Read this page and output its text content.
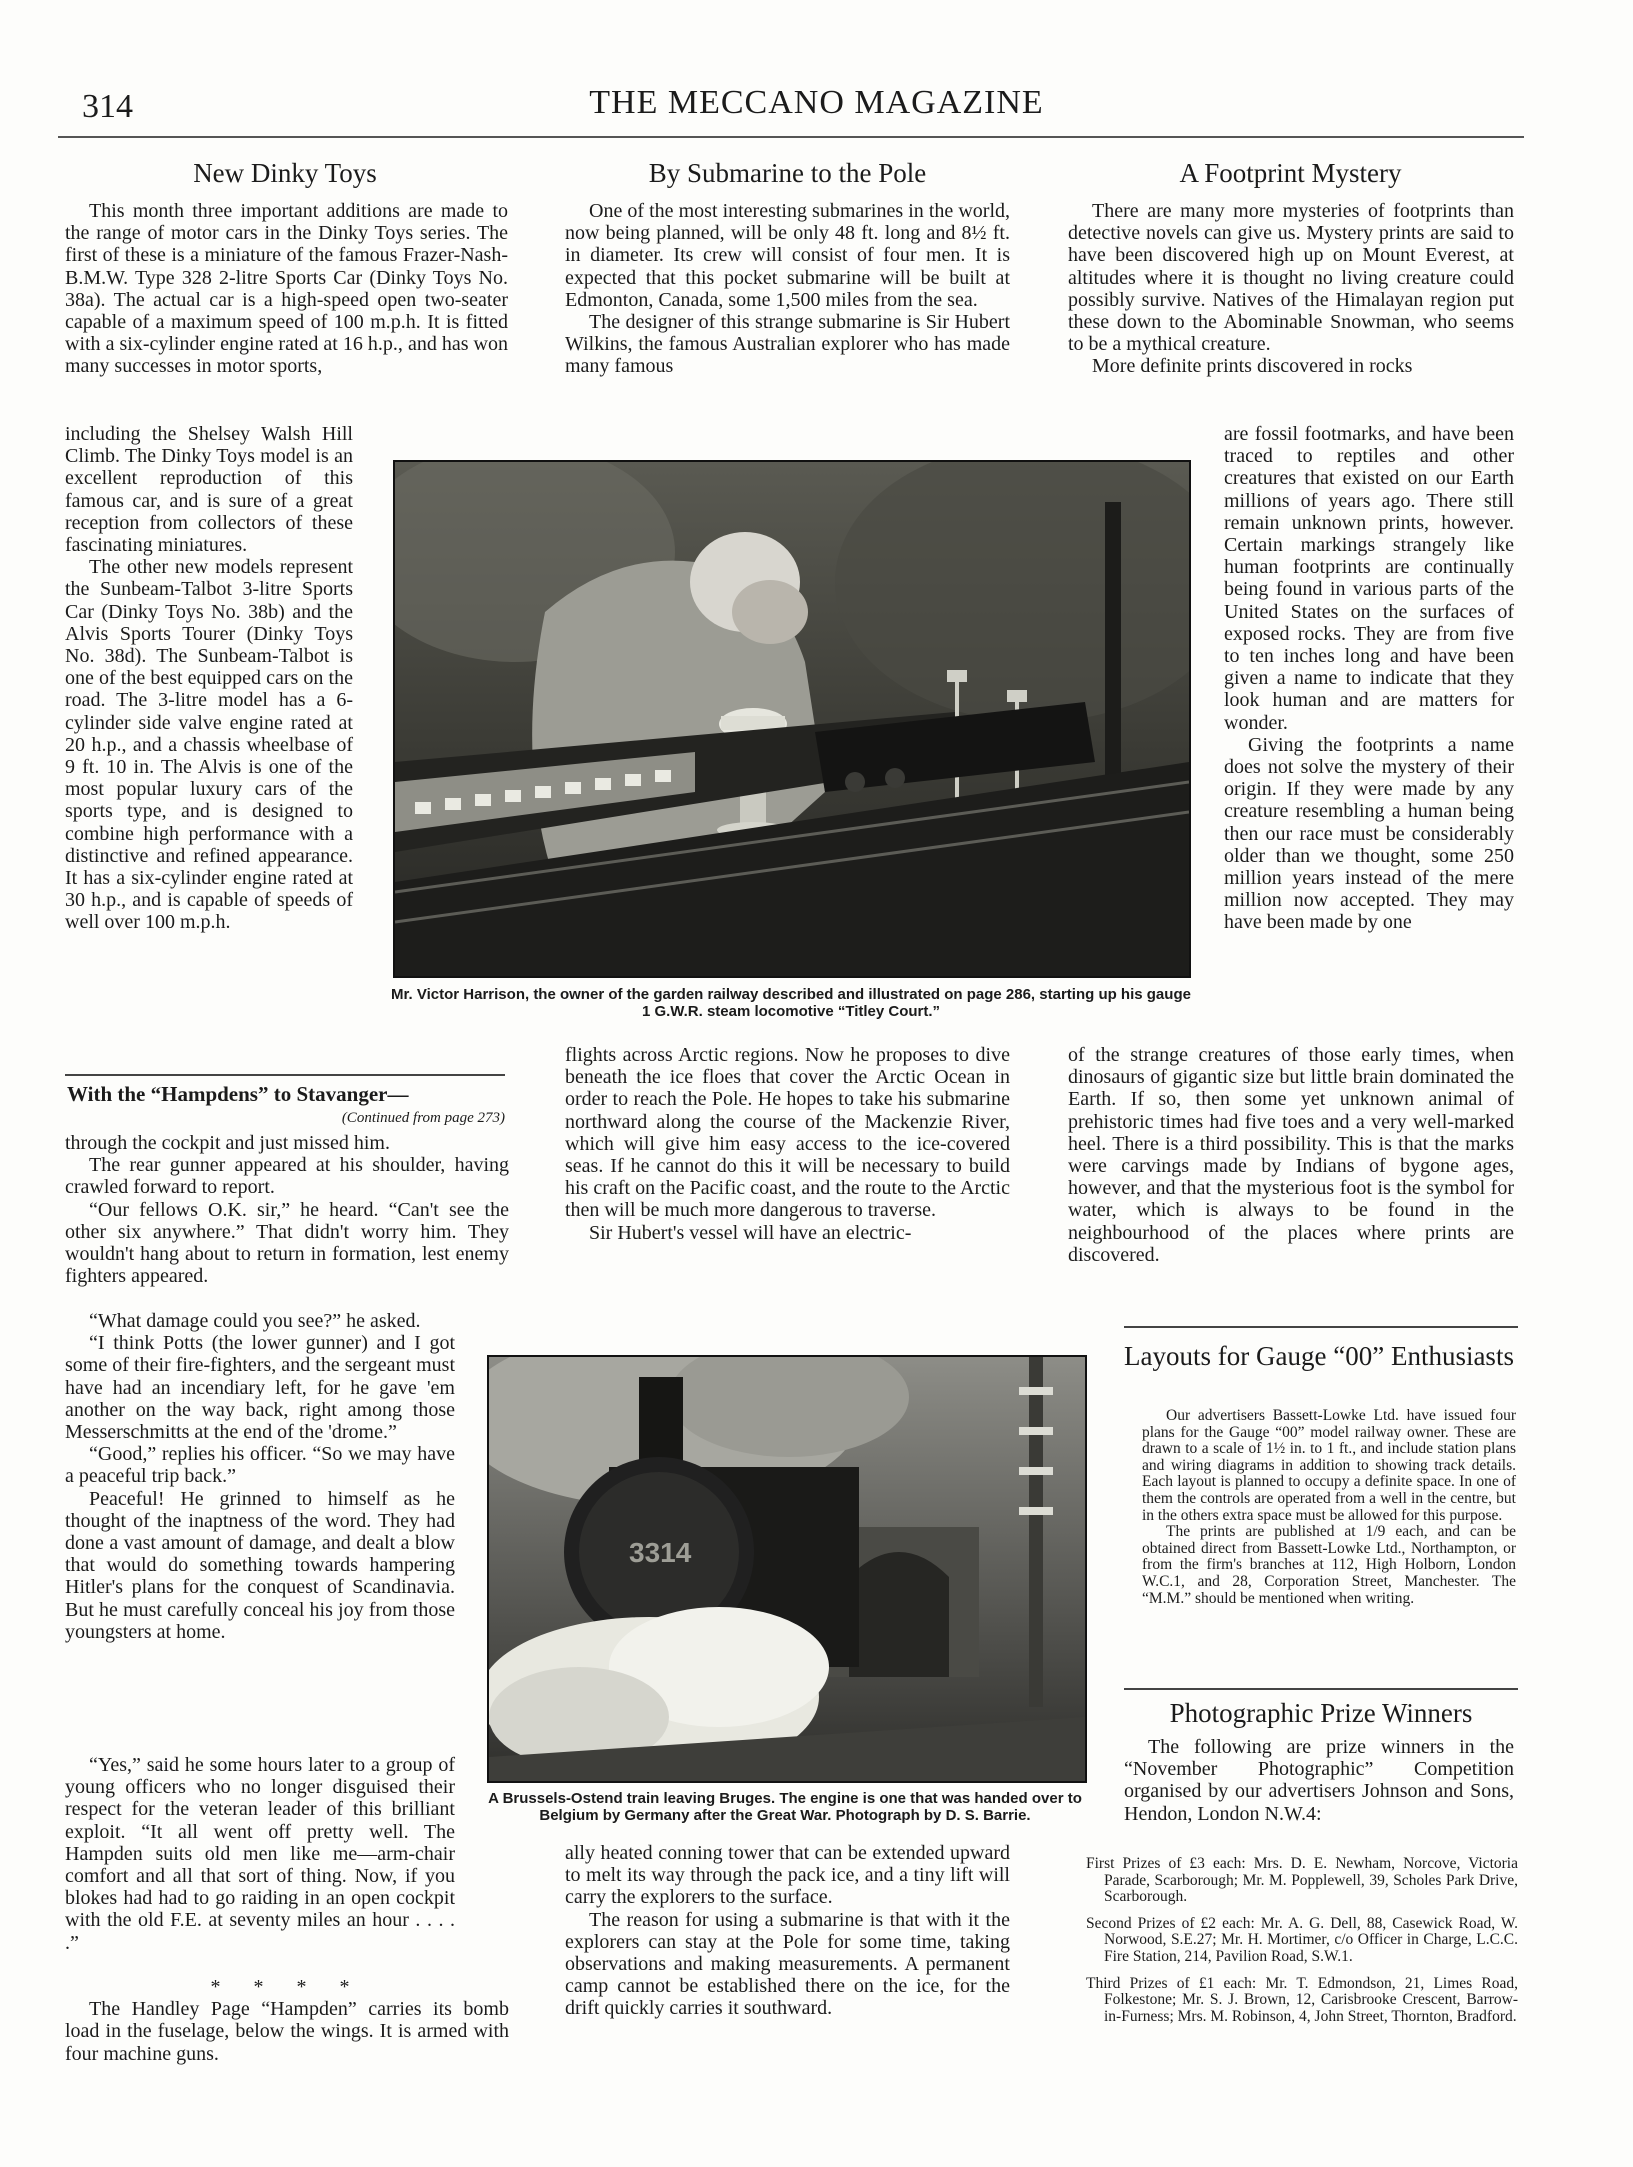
314	THE MECCANO MAGAZINE
New Dinky Toys

This month three important additions are made to the range of motor cars in the Dinky Toys series. The first of these is a miniature of the famous Frazer-Nash-B.M.W. Type 328 2-litre Sports Car (Dinky Toys No. 38a). The actual car is a high-speed open two-seater capable of a maximum speed of 100 m.p.h. It is fitted with a six-cylinder engine rated at 16 h.p., and has won many successes in motor sports,

including the Shelsey Walsh Hill Climb. The Dinky Toys model is an excellent reproduction of this famous car, and is sure of a great reception from collectors of these fascinating miniatures.

The other new models represent the Sunbeam-Talbot 3-litre Sports Car (Dinky Toys No. 38b) and the Alvis Sports Tourer (Dinky Toys No. 38d). The Sunbeam-Talbot is one of the best equipped cars on the road. The 3-litre model has a 6-cylinder side valve engine rated at 20 h.p., and a chassis wheelbase of 9 ft. 10 in. The Alvis is one of the most popular luxury cars of the sports type, and is designed to combine high performance with a distinctive and refined appearance. It has a six-cylinder engine rated at 30 h.p., and is capable of speeds of well over 100 m.p.h.

With the “Hampdens” to Stavanger—
(Continued from page 273)

through the cockpit and just missed him.

The rear gunner appeared at his shoulder, having crawled forward to report.

“Our fellows O.K. sir,” he heard. “Can't see the other six anywhere.” That didn't worry him. They wouldn't hang about to return in formation, lest enemy fighters appeared.

“What damage could you see?” he asked.

“I think Potts (the lower gunner) and I got some of their fire-fighters, and the sergeant must have had an incendiary left, for he gave 'em another on the way back, right among those Messerschmitts at the end of the 'drome.”

“Good,” replies his officer. “So we may have a peaceful trip back.”

Peaceful! He grinned to himself as he thought of the inaptness of the word. They had done a vast amount of damage, and dealt a blow that would do something towards hampering Hitler's plans for the conquest of Scandinavia. But he must carefully conceal his joy from those youngsters at home.

“Yes,” said he some hours later to a group of young officers who no longer disguised their respect for the veteran leader of this brilliant exploit. “It all went off pretty well. The Hampden suits old men like me—arm-chair comfort and all that sort of thing. Now, if you blokes had had to go raiding in an open cockpit with the old F.E. at seventy miles an hour . . . . .”

* * * *

The Handley Page “Hampden” carries its bomb load in the fuselage, below the wings. It is armed with four machine guns.

By Submarine to the Pole

One of the most interesting submarines in the world, now being planned, will be only 48 ft. long and 8½ ft. in diameter. Its crew will consist of four men. It is expected that this pocket submarine will be built at Edmonton, Canada, some 1,500 miles from the sea.

The designer of this strange submarine is Sir Hubert Wilkins, the famous Australian explorer who has made many famous

flights across Arctic regions. Now he proposes to dive beneath the ice floes that cover the Arctic Ocean in order to reach the Pole. He hopes to take his submarine northward along the course of the Mackenzie River, which will give him easy access to the ice-covered seas. If he cannot do this it will be necessary to build his craft on the Pacific coast, and the route to the Arctic then will be much more dangerous to traverse.

Sir Hubert's vessel will have an electric-

ally heated conning tower that can be extended upward to melt its way through the pack ice, and a tiny lift will carry the explorers to the surface.

The reason for using a submarine is that with it the explorers can stay at the Pole for some time, taking observations and making measurements. A permanent camp cannot be established there on the ice, for the drift quickly carries it southward.

A Footprint Mystery

There are many more mysteries of footprints than detective novels can give us. Mystery prints are said to have been discovered high up on Mount Everest, at altitudes where it is thought no living creature could possibly survive. Natives of the Himalayan region put these down to the Abominable Snowman, who seems to be a mythical creature.

More definite prints discovered in rocks

are fossil footmarks, and have been traced to reptiles and other creatures that existed on our Earth millions of years ago. There still remain unknown prints, however. Certain markings strangely like human footprints are continually being found in various parts of the United States on the surfaces of exposed rocks. They are from five to ten inches long and have been given a name to indicate that they look human and are matters for wonder.

Giving the footprints a name does not solve the mystery of their origin. If they were made by any creature resembling a human being then our race must be considerably older than we thought, some 250 million years instead of the mere million now accepted. They may have been made by one

of the strange creatures of those early times, when dinosaurs of gigantic size but little brain dominated the Earth. If so, then some yet unknown animal of prehistoric times had five toes and a very well-marked heel. There is a third possibility. This is that the marks were carvings made by Indians of bygone ages, however, and that the mysterious foot is the symbol for water, which is always to be found in the neighbourhood of the places where prints are discovered.

Layouts for Gauge “00” Enthusiasts

Our advertisers Bassett-Lowke Ltd. have issued four plans for the Gauge “00” model railway owner. These are drawn to a scale of 1½ in. to 1 ft., and include station plans and wiring diagrams in addition to showing track details. Each layout is planned to occupy a definite space. In one of them the controls are operated from a well in the centre, but in the others extra space must be allowed for this purpose.

The prints are published at 1/9 each, and can be obtained direct from Bassett-Lowke Ltd., Northampton, or from the firm's branches at 112, High Holborn, London W.C.1, and 28, Corporation Street, Manchester. The “M.M.” should be mentioned when writing.

Photographic Prize Winners

The following are prize winners in the “November Photographic” Competition organised by our advertisers Johnson and Sons, Hendon, London N.W.4:

First Prizes of £3 each: Mrs. D. E. Newham, Norcove, Victoria Parade, Scarborough; Mr. M. Popplewell, 39, Scholes Park Drive, Scarborough.

Second Prizes of £2 each: Mr. A. G. Dell, 88, Casewick Road, W. Norwood, S.E.27; Mr. H. Mortimer, c/o Officer in Charge, L.C.C. Fire Station, 214, Pavilion Road, S.W.1.

Third Prizes of £1 each: Mr. T. Edmondson, 21, Limes Road, Folkestone; Mr. S. J. Brown, 12, Carisbrooke Crescent, Barrow-in-Furness; Mrs. M. Robinson, 4, John Street, Thornton, Bradford.

Mr. Victor Harrison, the owner of the garden railway described and illustrated on page 286, starting up his gauge 1 G.W.R. steam locomotive “Titley Court.”
3314
A Brussels-Ostend train leaving Bruges. The engine is one that was handed over to Belgium by Germany after the Great War. Photograph by D. S. Barrie.
